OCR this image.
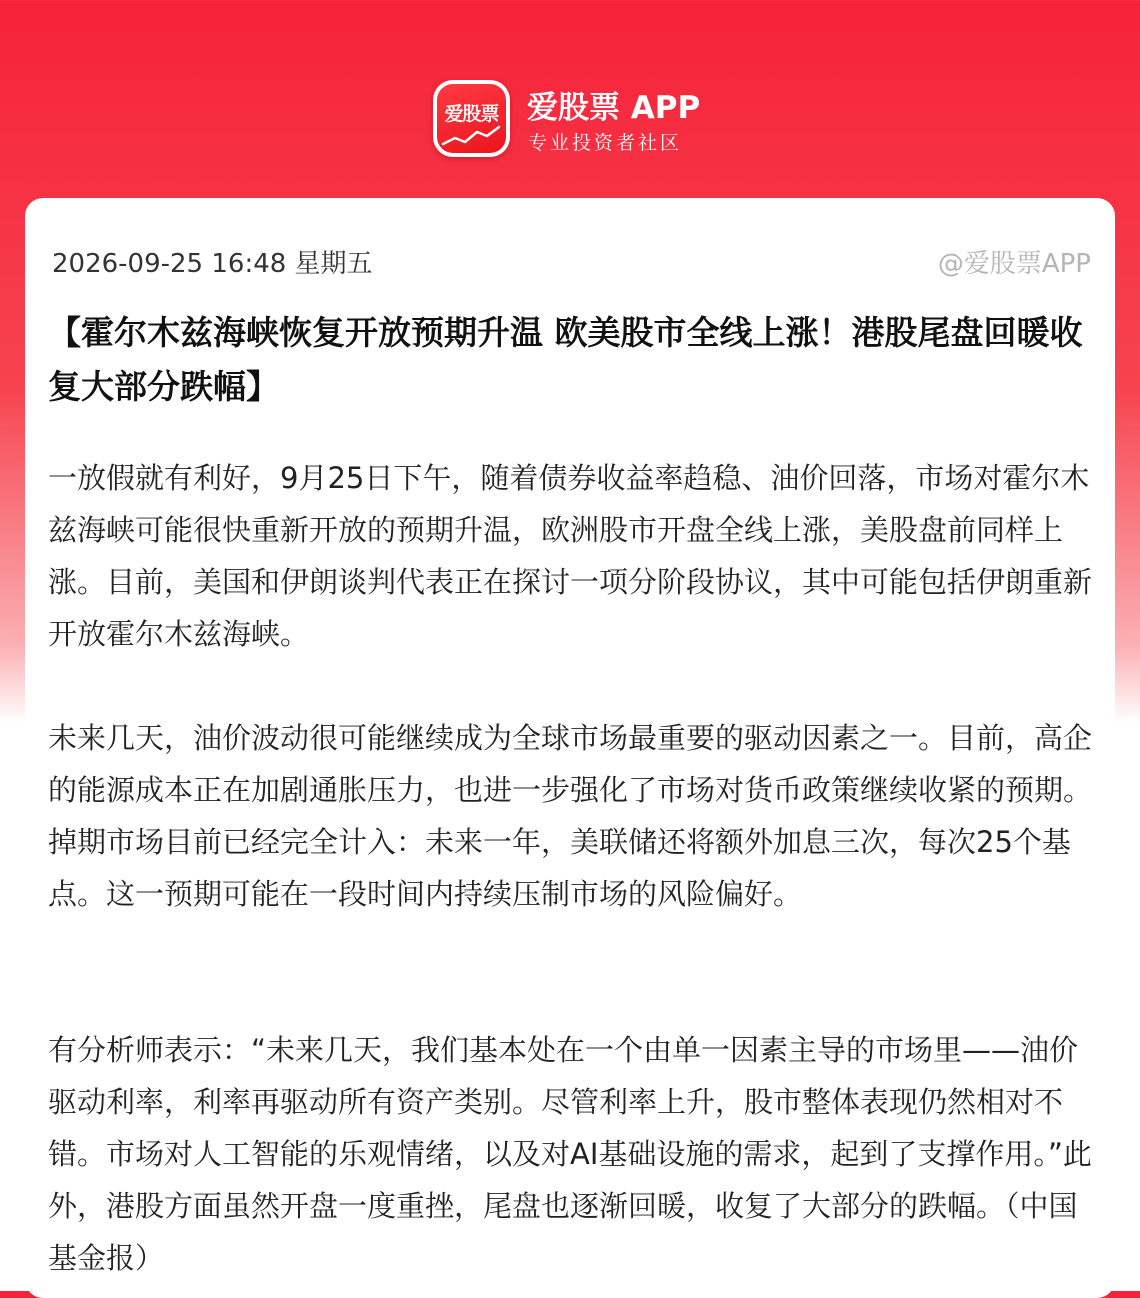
爱股票 爱股票 APP
专业投资者社区
2026-09-25 16:48 星期五	@爱股票APP
【霍尔木兹海峡恢复开放预期升温 欧美股市全线上涨！港股尾盘回暖收复大部分跌幅】

一放假就有利好，9月25日下午，随着债券收益率趋稳、油价回落，市场对霍尔木兹海峡可能很快重新开放的预期升温，欧洲股市开盘全线上涨，美股盘前同样上涨。目前，美国和伊朗谈判代表正在探讨一项分阶段协议，其中可能包括伊朗重新开放霍尔木兹海峡。

未来几天，油价波动很可能继续成为全球市场最重要的驱动因素之一。目前，高企的能源成本正在加剧通胀压力，也进一步强化了市场对货币政策继续收紧的预期。掉期市场目前已经完全计入：未来一年，美联储还将额外加息三次，每次25个基点。这一预期可能在一段时间内持续压制市场的风险偏好。

有分析师表示：“未来几天，我们基本处在一个由单一因素主导的市场里——油价驱动利率，利率再驱动所有资产类别。尽管利率上升，股市整体表现仍然相对不错。市场对人工智能的乐观情绪，以及对AI基础设施的需求，起到了支撑作用。”此外，港股方面虽然开盘一度重挫，尾盘也逐渐回暖，收复了大部分的跌幅。（中国基金报）
